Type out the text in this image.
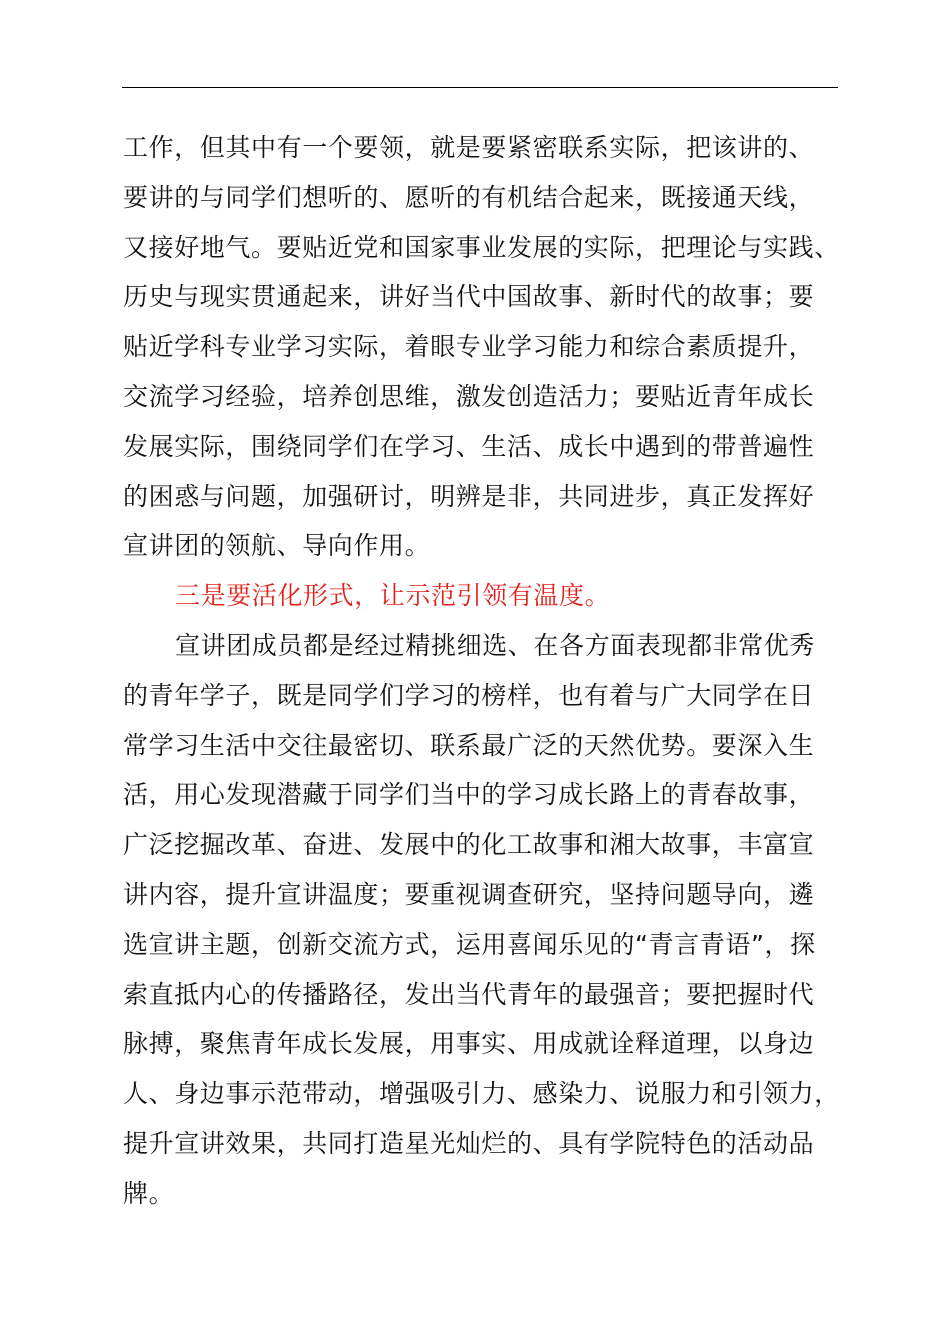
工作，但其中有一个要领，就是要紧密联系实际，把该讲的、
要讲的与同学们想听的、愿听的有机结合起来，既接通天线，
又接好地气。要贴近党和国家事业发展的实际，把理论与实践、
历史与现实贯通起来，讲好当代中国故事、新时代的故事；要
贴近学科专业学习实际，着眼专业学习能力和综合素质提升，
交流学习经验，培养创思维，激发创造活力；要贴近青年成长
发展实际，围绕同学们在学习、生活、成长中遇到的带普遍性
的困惑与问题，加强研讨，明辨是非，共同进步，真正发挥好
宣讲团的领航、导向作用。
三是要活化形式，让示范引领有温度。
宣讲团成员都是经过精挑细选、在各方面表现都非常优秀
的青年学子，既是同学们学习的榜样，也有着与广大同学在日
常学习生活中交往最密切、联系最广泛的天然优势。要深入生
活，用心发现潜藏于同学们当中的学习成长路上的青春故事，
广泛挖掘改革、奋进、发展中的化工故事和湘大故事，丰富宣
讲内容，提升宣讲温度；要重视调查研究，坚持问题导向，遴
选宣讲主题，创新交流方式，运用喜闻乐见的“青言青语”，探
索直抵内心的传播路径，发出当代青年的最强音；要把握时代
脉搏，聚焦青年成长发展，用事实、用成就诠释道理，以身边
人、身边事示范带动，增强吸引力、感染力、说服力和引领力，
提升宣讲效果，共同打造星光灿烂的、具有学院特色的活动品
牌。
